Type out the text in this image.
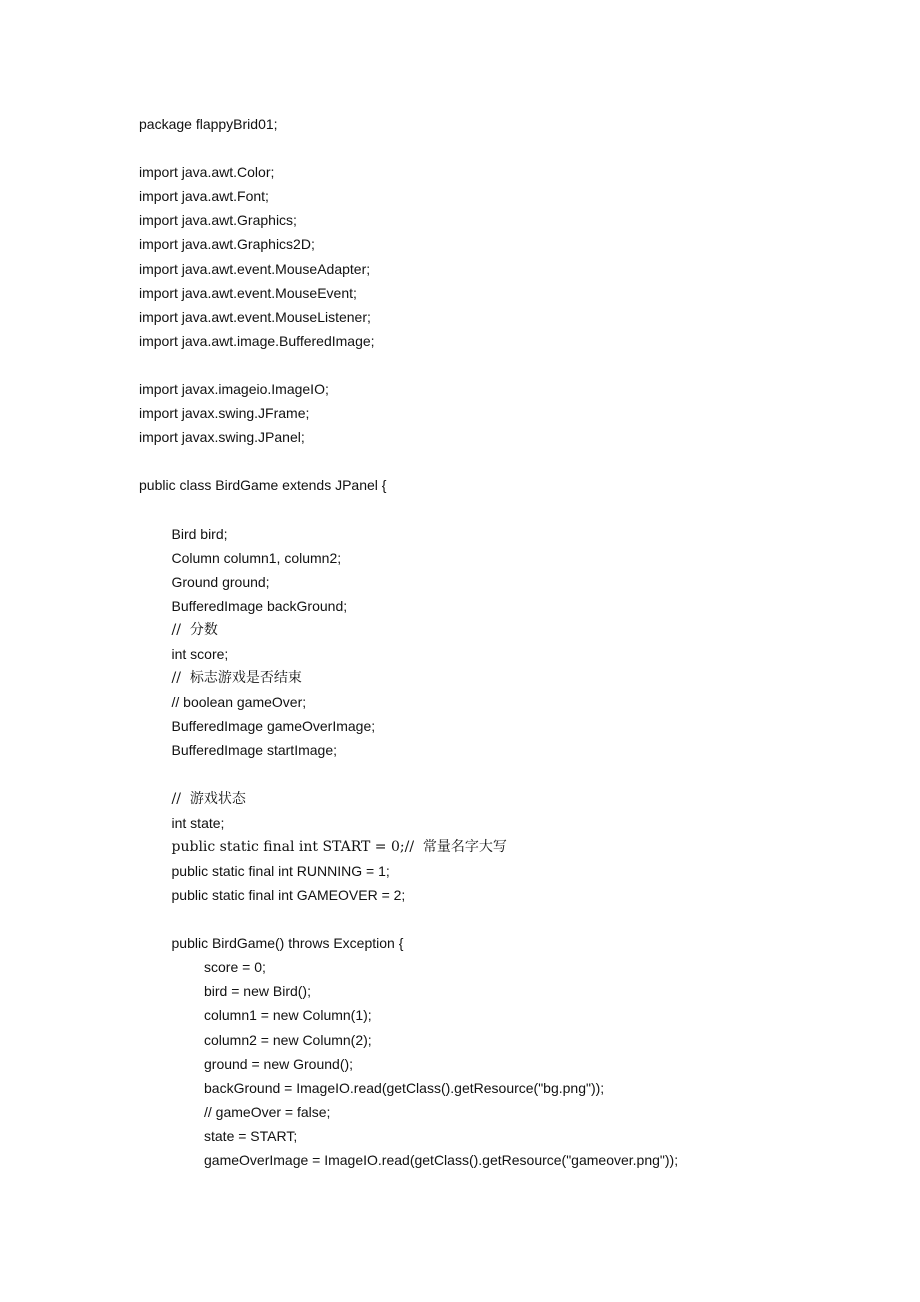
package flappyBrid01;
import java.awt.Color;
import java.awt.Font;
import java.awt.Graphics;
import java.awt.Graphics2D;
import java.awt.event.MouseAdapter;
import java.awt.event.MouseEvent;
import java.awt.event.MouseListener;
import java.awt.image.BufferedImage;
import javax.imageio.ImageIO;
import javax.swing.JFrame;
import javax.swing.JPanel;
public class BirdGame extends JPanel {
Bird bird;
Column column1, column2;
Ground ground;
BufferedImage backGround;
//  分数
int score;
//  标志游戏是否结束
// boolean gameOver;
BufferedImage gameOverImage;
BufferedImage startImage;
//  游戏状态
int state;
public static final int START = 0;//  常量名字大写
public static final int RUNNING = 1;
public static final int GAMEOVER = 2;
public BirdGame() throws Exception {
score = 0;
bird = new Bird();
column1 = new Column(1);
column2 = new Column(2);
ground = new Ground();
backGround = ImageIO.read(getClass().getResource("bg.png"));
// gameOver = false;
state = START;
gameOverImage = ImageIO.read(getClass().getResource("gameover.png"));
